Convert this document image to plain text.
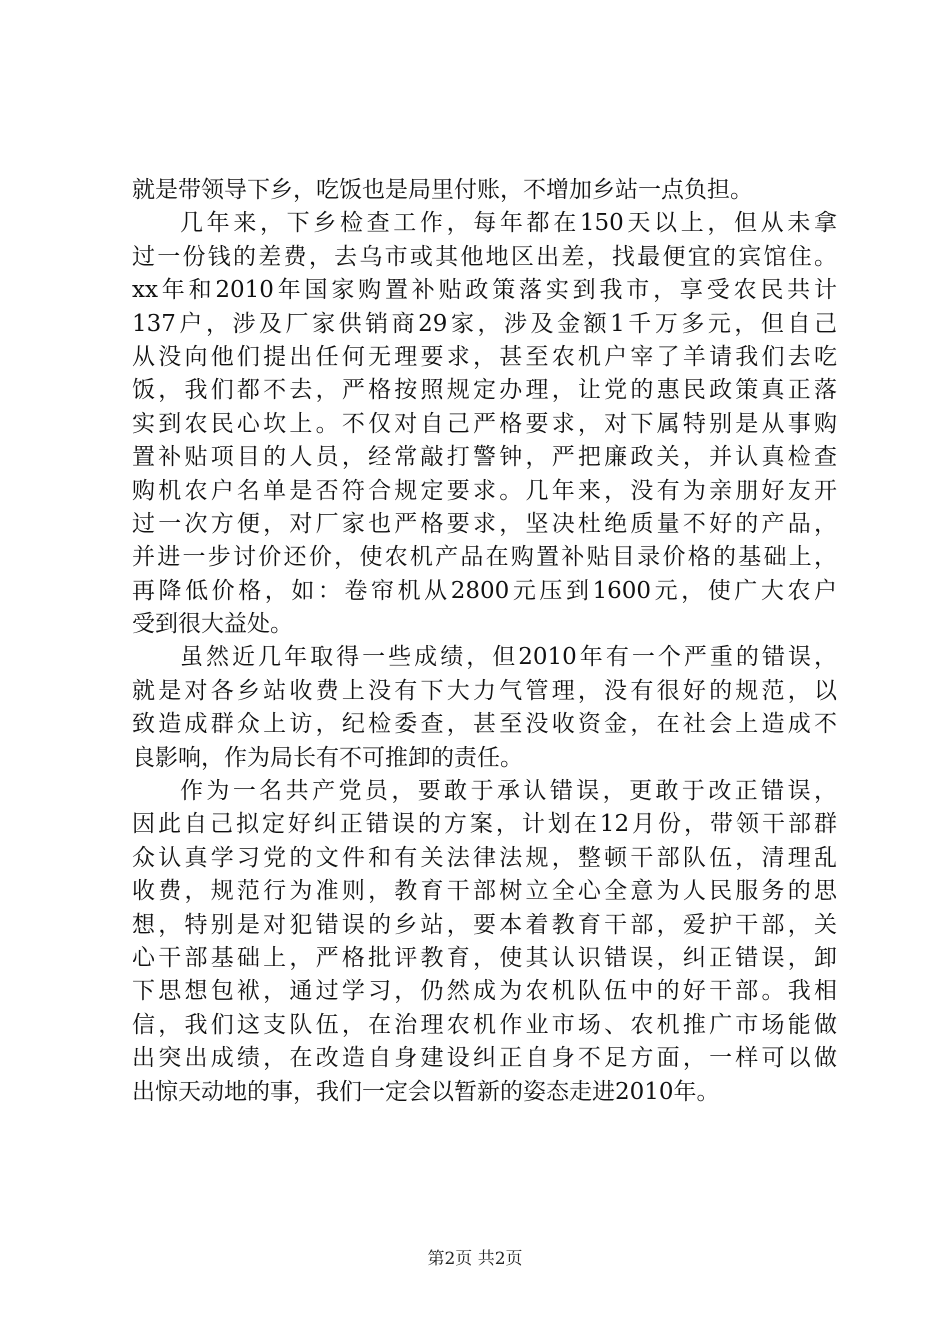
就是带领导下乡，吃饭也是局里付账，不增加乡站一点负担。
几年来，下乡检查工作，每年都在150天以上，但从未拿
过一份钱的差费，去乌市或其他地区出差，找最便宜的宾馆住。
xx年和2010年国家购置补贴政策落实到我市，享受农民共计
137户，涉及厂家供销商29家，涉及金额1千万多元，但自己
从没向他们提出任何无理要求，甚至农机户宰了羊请我们去吃
饭，我们都不去，严格按照规定办理，让党的惠民政策真正落
实到农民心坎上。不仅对自己严格要求，对下属特别是从事购
置补贴项目的人员，经常敲打警钟，严把廉政关，并认真检查
购机农户名单是否符合规定要求。几年来，没有为亲朋好友开
过一次方便，对厂家也严格要求，坚决杜绝质量不好的产品，
并进一步讨价还价，使农机产品在购置补贴目录价格的基础上，
再降低价格，如：卷帘机从2800元压到1600元，使广大农户
受到很大益处。
虽然近几年取得一些成绩，但2010年有一个严重的错误，
就是对各乡站收费上没有下大力气管理，没有很好的规范，以
致造成群众上访，纪检委查，甚至没收资金，在社会上造成不
良影响，作为局长有不可推卸的责任。
作为一名共产党员，要敢于承认错误，更敢于改正错误，
因此自己拟定好纠正错误的方案，计划在12月份，带领干部群
众认真学习党的文件和有关法律法规，整顿干部队伍，清理乱
收费，规范行为准则，教育干部树立全心全意为人民服务的思
想，特别是对犯错误的乡站，要本着教育干部，爱护干部，关
心干部基础上，严格批评教育，使其认识错误，纠正错误，卸
下思想包袱，通过学习，仍然成为农机队伍中的好干部。我相
信，我们这支队伍，在治理农机作业市场、农机推广市场能做
出突出成绩，在改造自身建设纠正自身不足方面，一样可以做
出惊天动地的事，我们一定会以暂新的姿态走进2010年。
第2页 共2页
